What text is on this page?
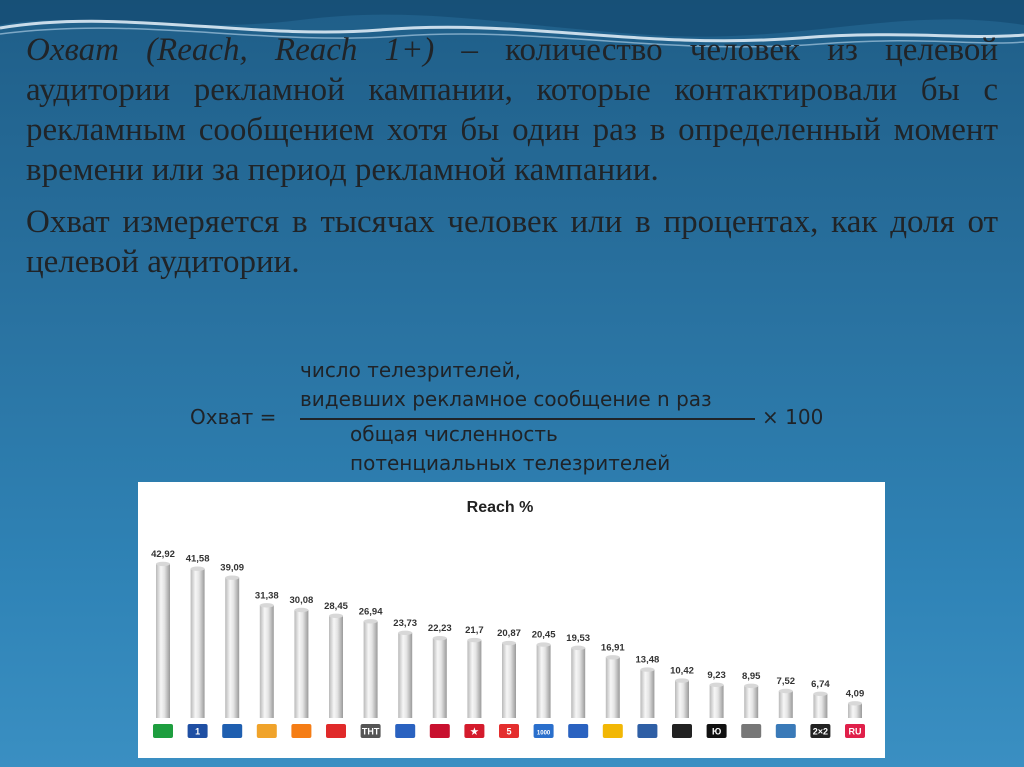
Охват (Reach, Reach 1+) – количество человек из целевой аудитории рекламной кампании, которые контактировали бы с рекламным сообщением хотя бы один раз в определенный момент времени или за период рекламной кампании.

Охват измеряется в тысячах человек или в процентах, как доля от целевой аудитории.

Охват =
число телезрителей,
видевших рекламное сообщение n раз
общая численность
потенциальных телезрителей
× 100
Reach %
42,92 41,58
1
39,09
31,38 30,08
28,45 26,94
ТНТ
23,73 22,23 21,7
★
20,87
5
20,45
1000
19,53
16,91
13,48
10,42 9,23
Ю
8,95 7,52 6,74
2×2
4,09
RU
